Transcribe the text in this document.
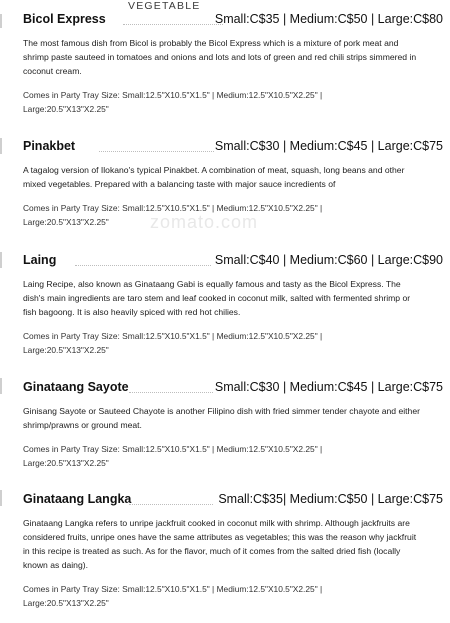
VEGETABLE
zomato.com
Bicol Express	Small:C$35 | Medium:C$50 | Large:C$80
The most famous dish from Bicol is probably the Bicol Express which is a mixture of pork meat and shrimp paste sauteed in tomatoes and onions and lots and lots of green and red chili strips simmered in coconut cream.
Comes in Party Tray Size: Small:12.5"X10.5"X1.5" | Medium:12.5"X10.5"X2.25" | Large:20.5"X13"X2.25"
Pinakbet	Small:C$30 | Medium:C$45 | Large:C$75
A tagalog version of Ilokano's typical Pinakbet. A combination of meat, squash, long beans and other mixed vegetables. Prepared with a balancing taste with major sauce incredients of
Comes in Party Tray Size: Small:12.5"X10.5"X1.5" | Medium:12.5"X10.5"X2.25" | Large:20.5"X13"X2.25"
Laing	Small:C$40 | Medium:C$60 | Large:C$90
Laing Recipe, also known as Ginataang Gabi is equally famous and tasty as the Bicol Express. The dish's main ingredients are taro stem and leaf cooked in coconut milk, salted with fermented shrimp or fish bagoong. It is also heavily spiced with red hot chilies.
Comes in Party Tray Size: Small:12.5"X10.5"X1.5" | Medium:12.5"X10.5"X2.25" | Large:20.5"X13"X2.25"
Ginataang Sayote	Small:C$30 | Medium:C$45 | Large:C$75
Ginisang Sayote or Sauteed Chayote is another Filipino dish with fried simmer tender chayote and either shrimp/prawns or ground meat.
Comes in Party Tray Size: Small:12.5"X10.5"X1.5" | Medium:12.5"X10.5"X2.25" | Large:20.5"X13"X2.25"
Ginataang Langka	Small:C$35| Medium:C$50 | Large:C$75
Ginataang Langka refers to unripe jackfruit cooked in coconut milk with shrimp. Although jackfruits are considered fruits, unripe ones have the same attributes as vegetables; this was the reason why jackfruit in this recipe is treated as such. As for the flavor, much of it comes from the salted dried fish (locally known as daing).
Comes in Party Tray Size: Small:12.5"X10.5"X1.5" | Medium:12.5"X10.5"X2.25" | Large:20.5"X13"X2.25"
